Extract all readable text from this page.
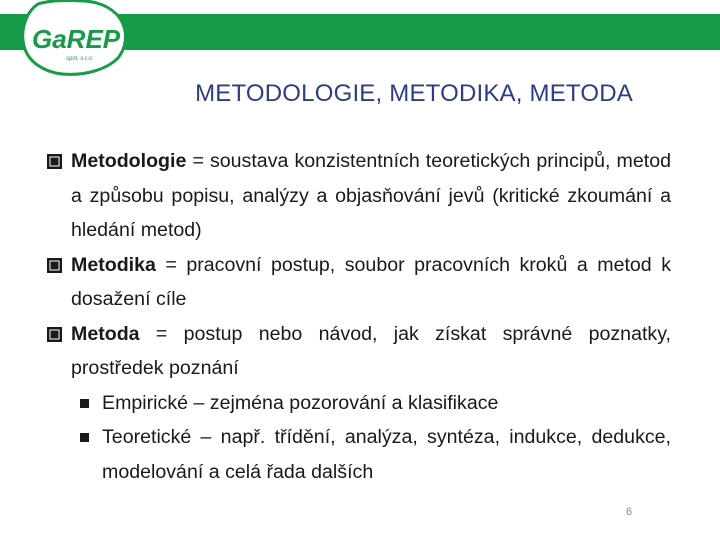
GaREP
spol. s r.o.
METODOLOGIE, METODIKA, METODA
Metodologie = soustava konzistentních teoretických principů, metod a způsobu popisu, analýzy a objasňování jevů (kritické zkoumání a hledání metod)
Metodika = pracovní postup, soubor pracovních kroků a metod k dosažení cíle
Metoda = postup nebo návod, jak získat správné poznatky, prostředek poznání
Empirické – zejména pozorování a klasifikace
Teoretické – např. třídění, analýza, syntéza, indukce, dedukce, modelování a celá řada dalších
6
